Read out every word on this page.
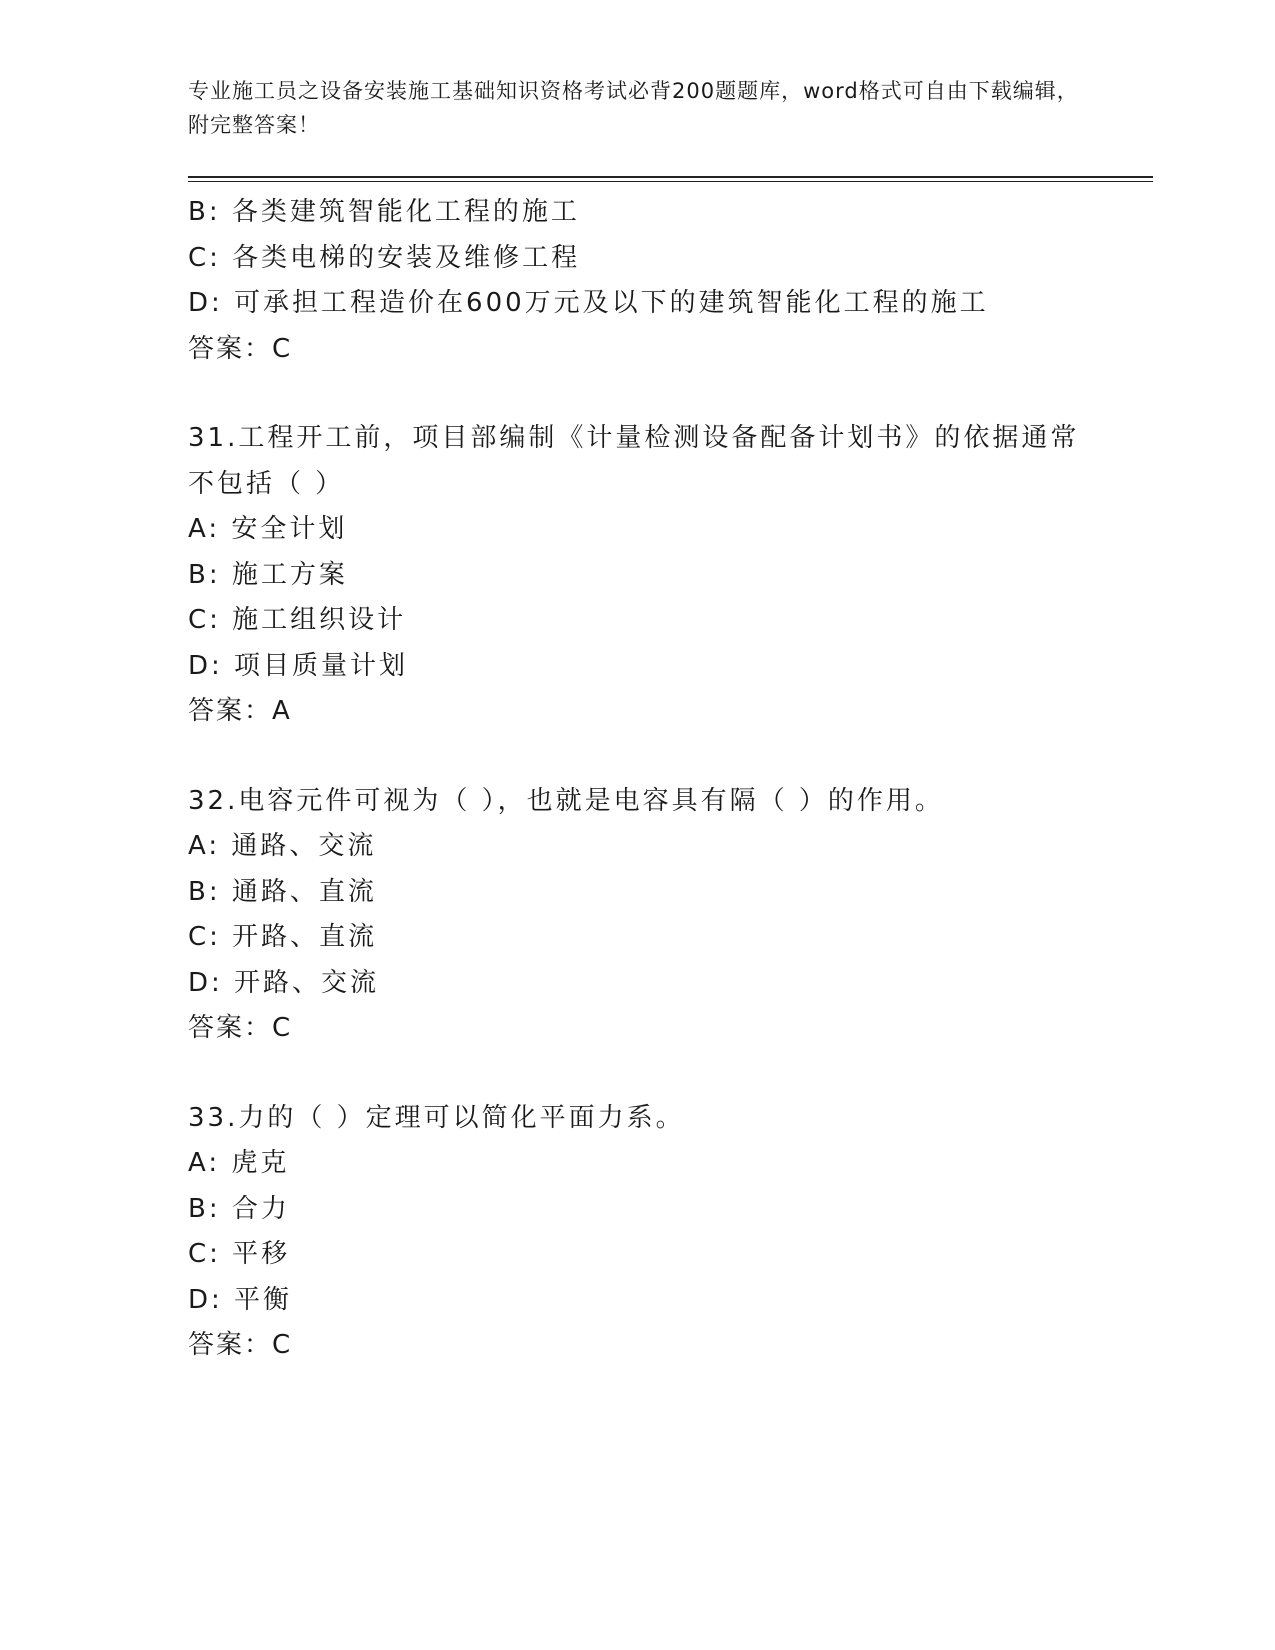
专业施工员之设备安装施工基础知识资格考试必背200题题库，word格式可自由下载编辑，附完整答案！

B: 各类建筑智能化工程的施工
C: 各类电梯的安装及维修工程
D: 可承担工程造价在600万元及以下的建筑智能化工程的施工
答案：C
31.工程开工前，项目部编制《计量检测设备配备计划书》的依据通常不包括（ ）
A: 安全计划
B: 施工方案
C: 施工组织设计
D: 项目质量计划
答案：A
32.电容元件可视为（ ），也就是电容具有隔（ ）的作用。
A: 通路、交流
B: 通路、直流
C: 开路、直流
D: 开路、交流
答案：C
33.力的（ ）定理可以简化平面力系。
A: 虎克
B: 合力
C: 平移
D: 平衡
答案：C
